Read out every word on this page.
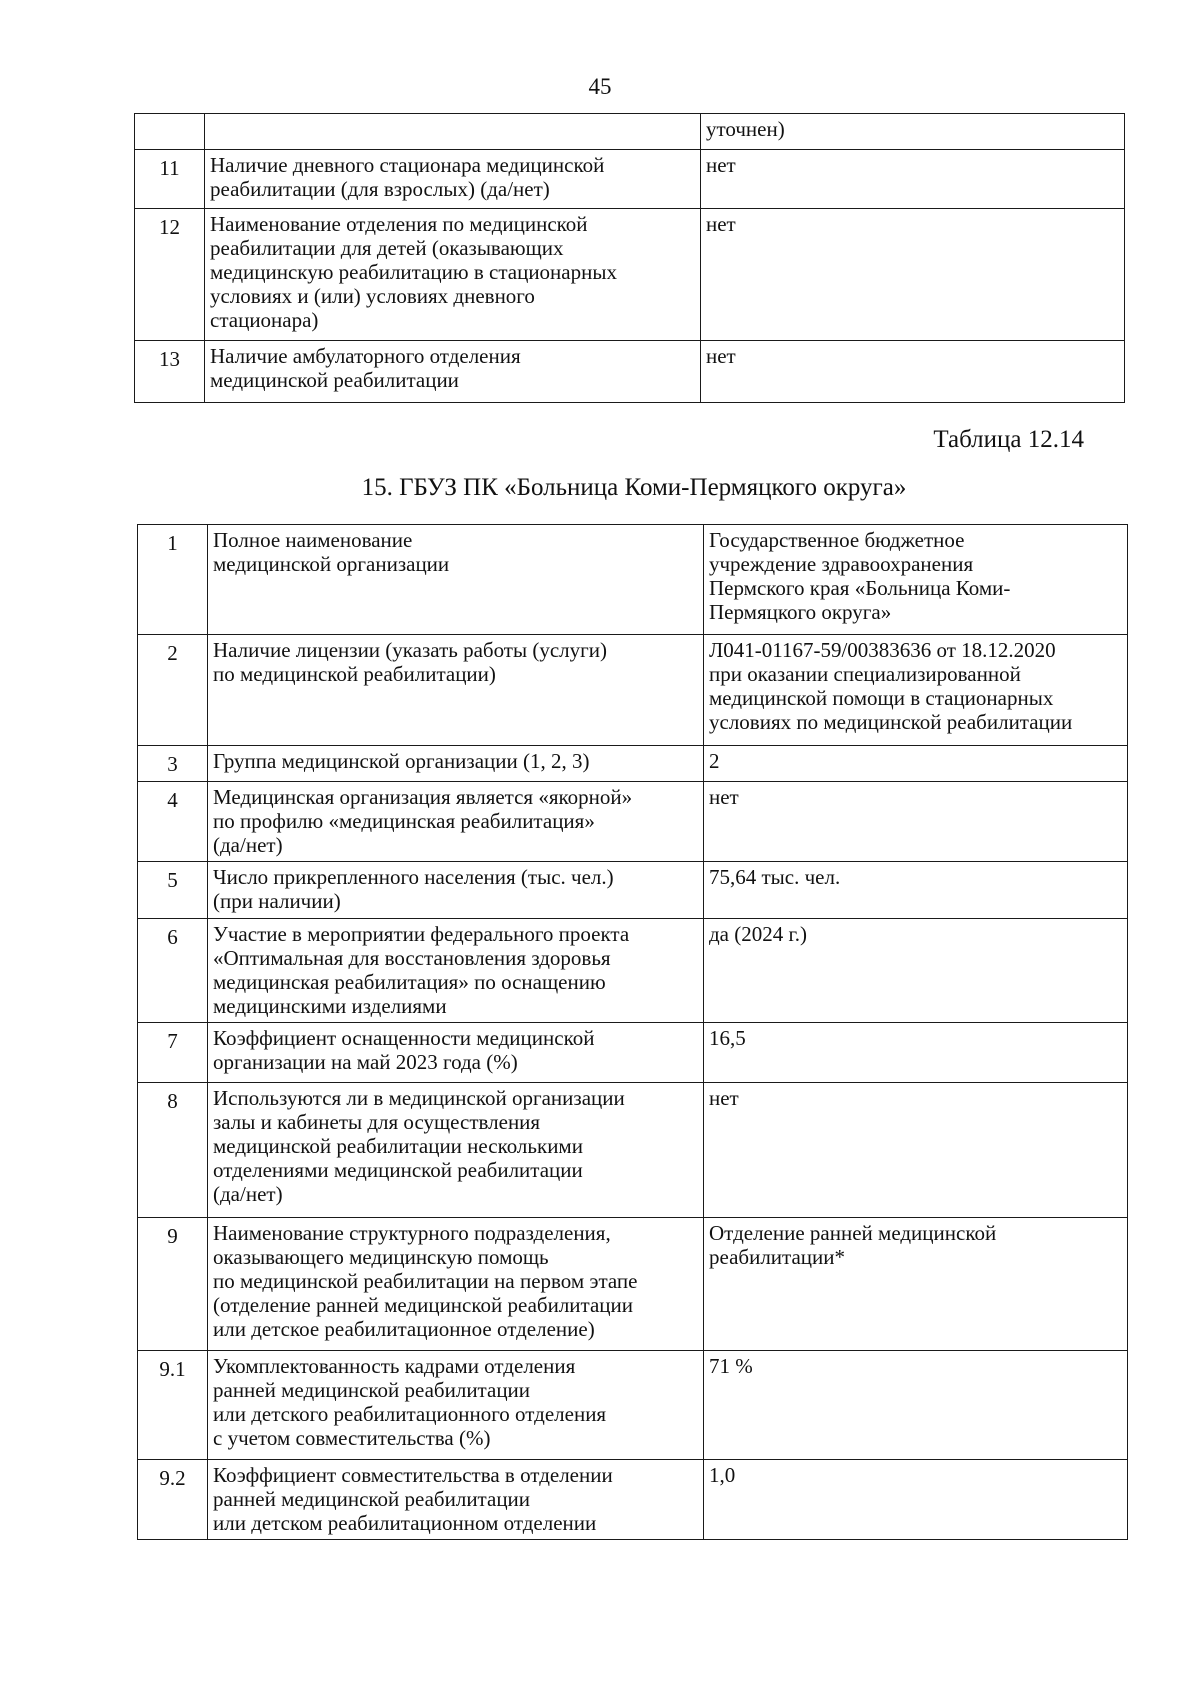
45
		уточнен)
11	Наличие дневного стационара медицинской
реабилитации (для взрослых) (да/нет)	нет
12	Наименование отделения по медицинской
реабилитации для детей (оказывающих
медицинскую реабилитацию в стационарных
условиях и (или) условиях дневного
стационара)	нет
13	Наличие амбулаторного отделения
медицинской реабилитации	нет
Таблица 12.14
15. ГБУЗ ПК «Больница Коми-Пермяцкого округа»
1	Полное наименование
медицинской организации	Государственное бюджетное
учреждение здравоохранения
Пермского края «Больница Коми-
Пермяцкого округа»
2	Наличие лицензии (указать работы (услуги)
по медицинской реабилитации)	Л041-01167-59/00383636 от 18.12.2020
при оказании специализированной
медицинской помощи в стационарных
условиях по медицинской реабилитации
3	Группа медицинской организации (1, 2, 3)	2
4	Медицинская организация является «якорной»
по профилю «медицинская реабилитация»
(да/нет)	нет
5	Число прикрепленного населения (тыс. чел.)
(при наличии)	75,64 тыс. чел.
6	Участие в мероприятии федерального проекта
«Оптимальная для восстановления здоровья
медицинская реабилитация» по оснащению
медицинскими изделиями	да (2024 г.)
7	Коэффициент оснащенности медицинской
организации на май 2023 года (%)	16,5
8	Используются ли в медицинской организации
залы и кабинеты для осуществления
медицинской реабилитации несколькими
отделениями медицинской реабилитации
(да/нет)	нет
9	Наименование структурного подразделения,
оказывающего медицинскую помощь
по медицинской реабилитации на первом этапе
(отделение ранней медицинской реабилитации
или детское реабилитационное отделение)	Отделение ранней медицинской
реабилитации*
9.1	Укомплектованность кадрами отделения
ранней медицинской реабилитации
или детского реабилитационного отделения
с учетом совместительства (%)	71 %
9.2	Коэффициент совместительства в отделении
ранней медицинской реабилитации
или детском реабилитационном отделении	1,0
